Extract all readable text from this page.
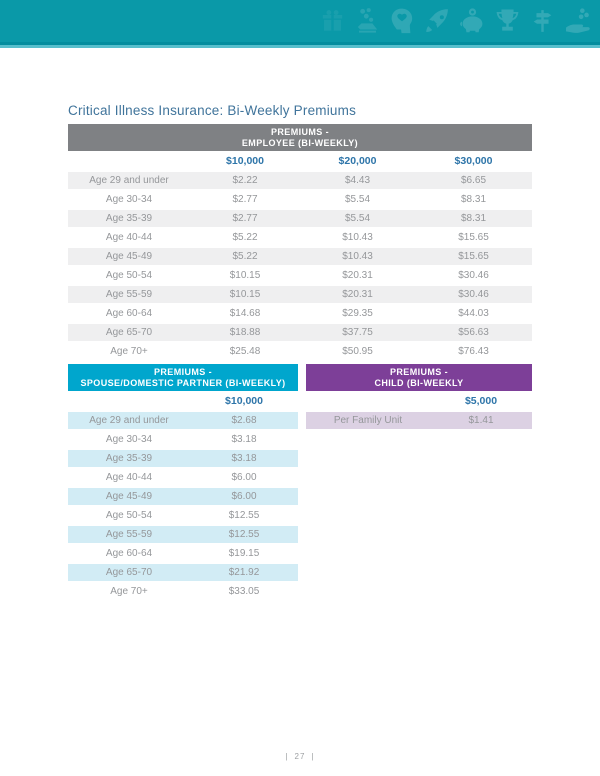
Critical Illness Insurance: Bi-Weekly Premiums
PREMIUMS -
EMPLOYEE (BI-WEEKLY)
	$10,000	$20,000	$30,000
Age 29 and under	$2.22	$4.43	$6.65
Age 30-34	$2.77	$5.54	$8.31
Age 35-39	$2.77	$5.54	$8.31
Age 40-44	$5.22	$10.43	$15.65
Age 45-49	$5.22	$10.43	$15.65
Age 50-54	$10.15	$20.31	$30.46
Age 55-59	$10.15	$20.31	$30.46
Age 60-64	$14.68	$29.35	$44.03
Age 65-70	$18.88	$37.75	$56.63
Age 70+	$25.48	$50.95	$76.43
PREMIUMS -
SPOUSE/DOMESTIC PARTNER (BI-WEEKLY)
	$10,000
Age 29 and under	$2.68
Age 30-34	$3.18
Age 35-39	$3.18
Age 40-44	$6.00
Age 45-49	$6.00
Age 50-54	$12.55
Age 55-59	$12.55
Age 60-64	$19.15
Age 65-70	$21.92
Age 70+	$33.05
PREMIUMS -
CHILD (BI-WEEKLY
	$5,000
Per Family Unit	$1.41
| 27 |
